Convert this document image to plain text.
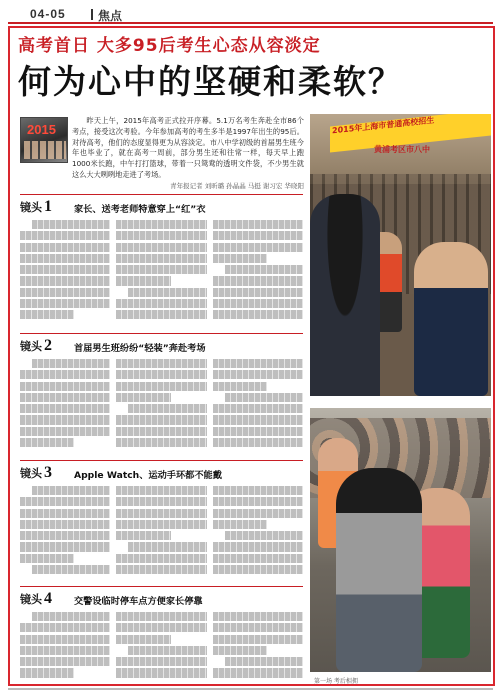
04-05	焦点
高考首日 大多95后考生心态从容淡定
何为心中的坚硬和柔软？
2015
昨天上午，2015年高考正式拉开序幕。5.1万名考生奔赴全市86个考点，接受这次考验。今年参加高考的考生多半是1997年出生的95后。对待高考，他们的态度显得更为从容淡定。市八中学初级的首届男生班今年也毕业了，就在高考一周前，部分男生还和往常一样，每天早上跑1000米长跑，中午打打篮球，带着一只鸳鸯的透明文件袋，不少男生就这么大大咧咧地走进了考场。
青年报记者 刘昕璐 孙晶晶 马挺 谢习宏 华晓阳
镜头 1 家长、送考老师特意穿上“红”衣
镜头 2 首届男生班纷纷“轻装”奔赴考场
镜头 3 Apple Watch、运动手环都不能戴
镜头 4 交警设临时停车点方便家长停靠
2015年上海市普通高校招生
黄浦考区市八中
第一场 考后相拥
